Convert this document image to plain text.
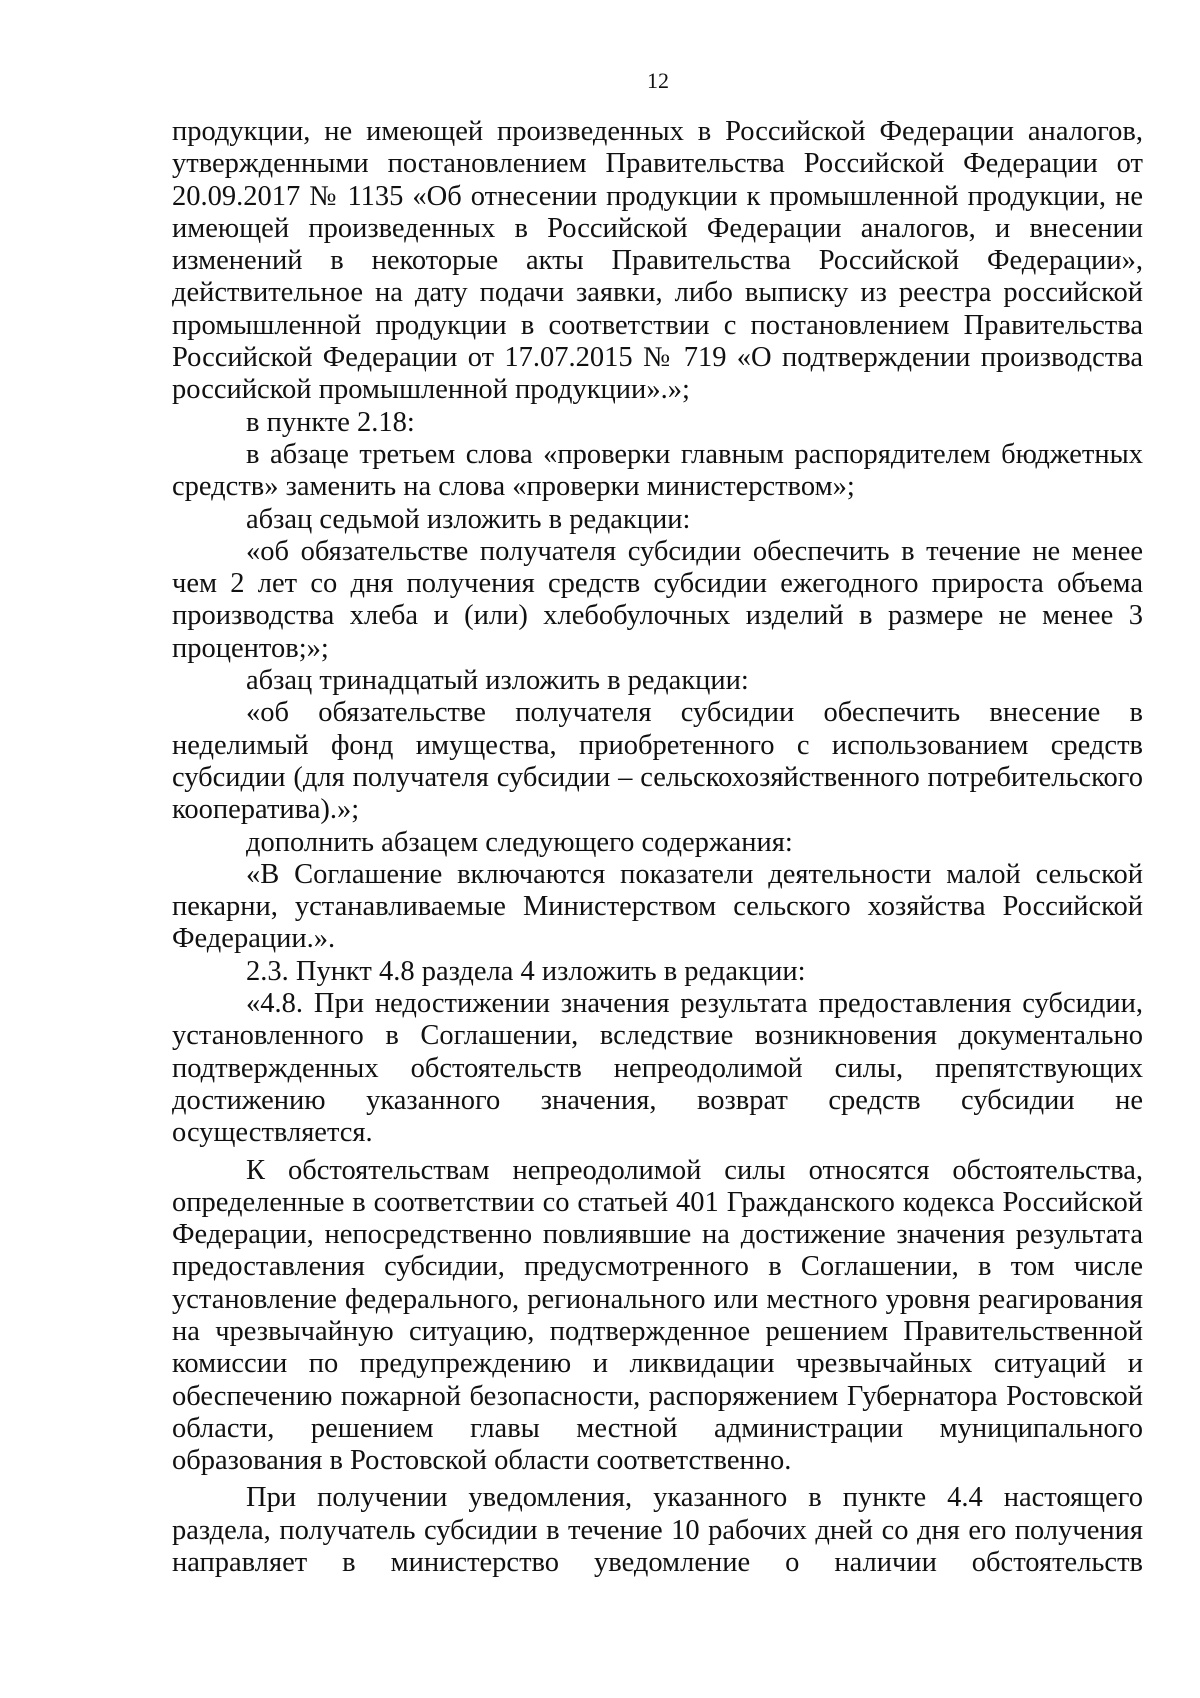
12

продукции, не имеющей произведенных в Российской Федерации аналогов, утвержденными постановлением Правительства Российской Федерации от 20.09.2017 № 1135 «Об отнесении продукции к промышленной продукции, не имеющей произведенных в Российской Федерации аналогов, и внесении изменений в некоторые акты Правительства Российской Федерации», действительное на дату подачи заявки, либо выписку из реестра российской промышленной продукции в соответствии с постановлением Правительства Российской Федерации от 17.07.2015 № 719 «О подтверждении производства российской промышленной продукции».»;

в пункте 2.18:

в абзаце третьем слова «проверки главным распорядителем бюджетных средств» заменить на слова «проверки министерством»;

абзац седьмой изложить в редакции:

«об обязательстве получателя субсидии обеспечить в течение не менее чем 2 лет со дня получения средств субсидии ежегодного прироста объема производства хлеба и (или) хлебобулочных изделий в размере не менее 3 процентов;»;

абзац тринадцатый изложить в редакции:

«об обязательстве получателя субсидии обеспечить внесение в неделимый фонд имущества, приобретенного с использованием средств субсидии (для получателя субсидии – сельскохозяйственного потребительского кооператива).»;

дополнить абзацем следующего содержания:

«В Соглашение включаются показатели деятельности малой сельской пекарни, устанавливаемые Министерством сельского хозяйства Российской Федерации.».

2.3. Пункт 4.8 раздела 4 изложить в редакции:

«4.8. При недостижении значения результата предоставления субсидии, установленного в Соглашении, вследствие возникновения документально подтвержденных обстоятельств непреодолимой силы, препятствующих достижению указанного значения, возврат средств субсидии не осуществляется.

К обстоятельствам непреодолимой силы относятся обстоятельства, определенные в соответствии со статьей 401 Гражданского кодекса Российской Федерации, непосредственно повлиявшие на достижение значения результата предоставления субсидии, предусмотренного в Соглашении, в том числе установление федерального, регионального или местного уровня реагирования на чрезвычайную ситуацию, подтвержденное решением Правительственной комиссии по предупреждению и ликвидации чрезвычайных ситуаций и обеспечению пожарной безопасности, распоряжением Губернатора Ростовской области, решением главы местной администрации муниципального образования в Ростовской области соответственно.

При получении уведомления, указанного в пункте 4.4 настоящего раздела, получатель субсидии в течение 10 рабочих дней со дня его получения направляет в министерство уведомление о наличии обстоятельств
